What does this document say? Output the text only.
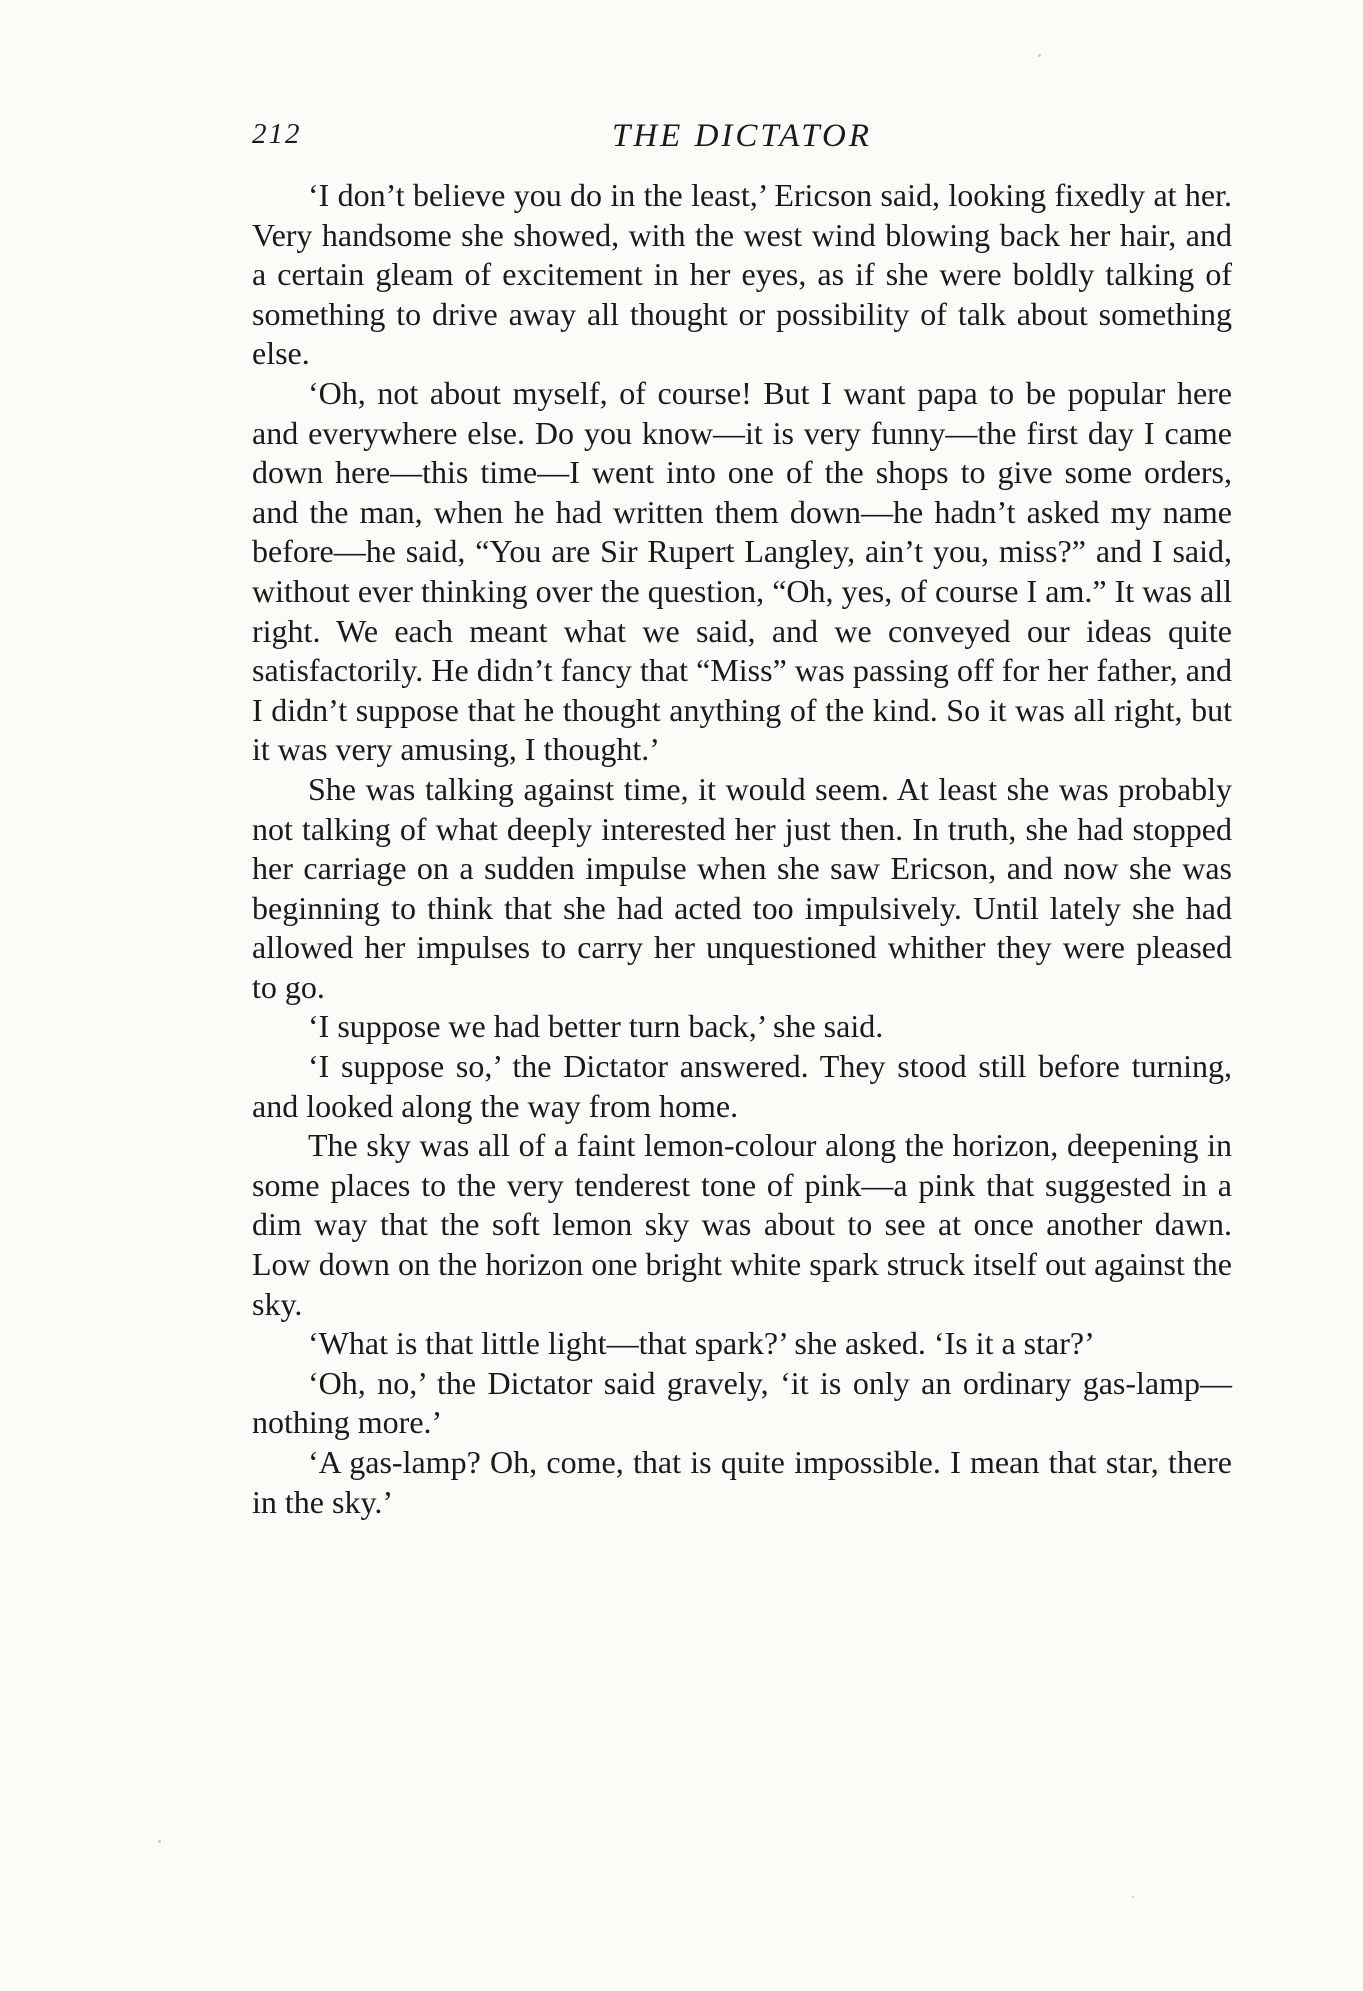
212	THE DICTATOR

‘I don’t believe you do in the least,’ Ericson said, looking fixedly at her. Very handsome she showed, with the west wind blowing back her hair, and a certain gleam of excitement in her eyes, as if she were boldly talking of something to drive away all thought or possibility of talk about something else.

‘Oh, not about myself, of course! But I want papa to be popular here and everywhere else. Do you know—it is very funny—the first day I came down here—this time—I went into one of the shops to give some orders, and the man, when he had written them down—he hadn’t asked my name before—he said, “You are Sir Rupert Langley, ain’t you, miss?” and I said, without ever thinking over the question, “Oh, yes, of course I am.” It was all right. We each meant what we said, and we conveyed our ideas quite satisfactorily. He didn’t fancy that “Miss” was passing off for her father, and I didn’t suppose that he thought anything of the kind. So it was all right, but it was very amusing, I thought.’

She was talking against time, it would seem. At least she was probably not talking of what deeply interested her just then. In truth, she had stopped her carriage on a sudden impulse when she saw Ericson, and now she was beginning to think that she had acted too impulsively. Until lately she had allowed her impulses to carry her unquestioned whither they were pleased to go.

‘I suppose we had better turn back,’ she said.

‘I suppose so,’ the Dictator answered. They stood still before turning, and looked along the way from home.

The sky was all of a faint lemon-colour along the horizon, deepening in some places to the very tenderest tone of pink—a pink that suggested in a dim way that the soft lemon sky was about to see at once another dawn. Low down on the horizon one bright white spark struck itself out against the sky.

‘What is that little light—that spark?’ she asked. ‘Is it a star?’

‘Oh, no,’ the Dictator said gravely, ‘it is only an ordinary gas-lamp—nothing more.’

‘A gas-lamp? Oh, come, that is quite impossible. I mean that star, there in the sky.’
